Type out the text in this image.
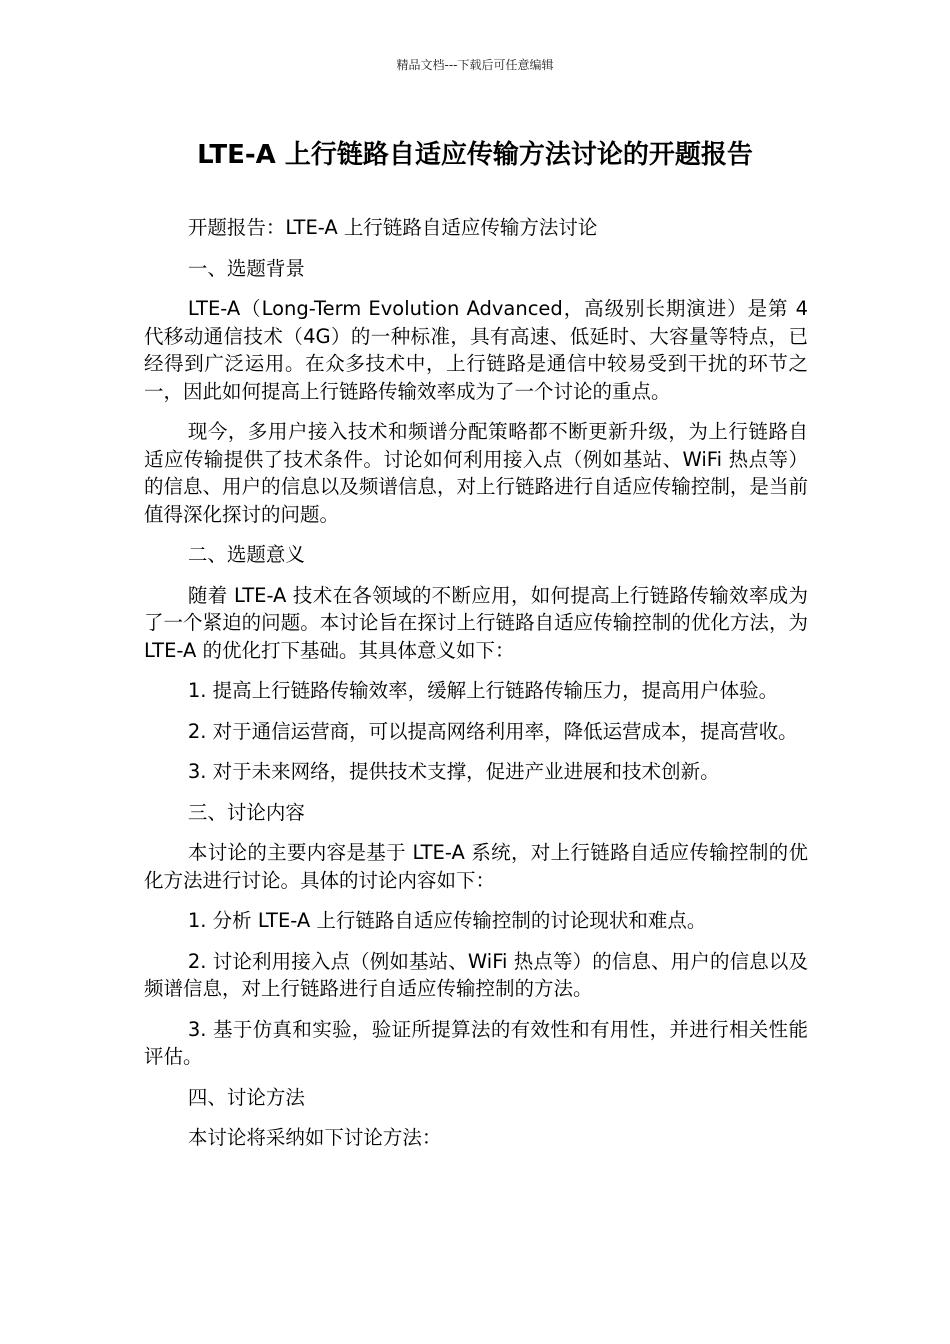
精品文档---下载后可任意编辑
LTE-A 上行链路自适应传输方法讨论的开题报告

开题报告：LTE-A 上行链路自适应传输方法讨论

一、选题背景

LTE-A（Long-Term Evolution Advanced，高级别长期演进）是第 4 代移动通信技术（4G）的一种标准，具有高速、低延时、大容量等特点，已经得到广泛运用。在众多技术中，上行链路是通信中较易受到干扰的环节之一，因此如何提高上行链路传输效率成为了一个讨论的重点。

现今，多用户接入技术和频谱分配策略都不断更新升级，为上行链路自适应传输提供了技术条件。讨论如何利用接入点（例如基站、WiFi 热点等）的信息、用户的信息以及频谱信息，对上行链路进行自适应传输控制，是当前值得深化探讨的问题。

二、选题意义

随着 LTE-A 技术在各领域的不断应用，如何提高上行链路传输效率成为了一个紧迫的问题。本讨论旨在探讨上行链路自适应传输控制的优化方法，为 LTE-A 的优化打下基础。其具体意义如下：

1. 提高上行链路传输效率，缓解上行链路传输压力，提高用户体验。

2. 对于通信运营商，可以提高网络利用率，降低运营成本，提高营收。

3. 对于未来网络，提供技术支撑，促进产业进展和技术创新。

三、讨论内容

本讨论的主要内容是基于 LTE-A 系统，对上行链路自适应传输控制的优化方法进行讨论。具体的讨论内容如下：

1. 分析 LTE-A 上行链路自适应传输控制的讨论现状和难点。

2. 讨论利用接入点（例如基站、WiFi 热点等）的信息、用户的信息以及频谱信息，对上行链路进行自适应传输控制的方法。

3. 基于仿真和实验，验证所提算法的有效性和有用性，并进行相关性能评估。

四、讨论方法

本讨论将采纳如下讨论方法：
